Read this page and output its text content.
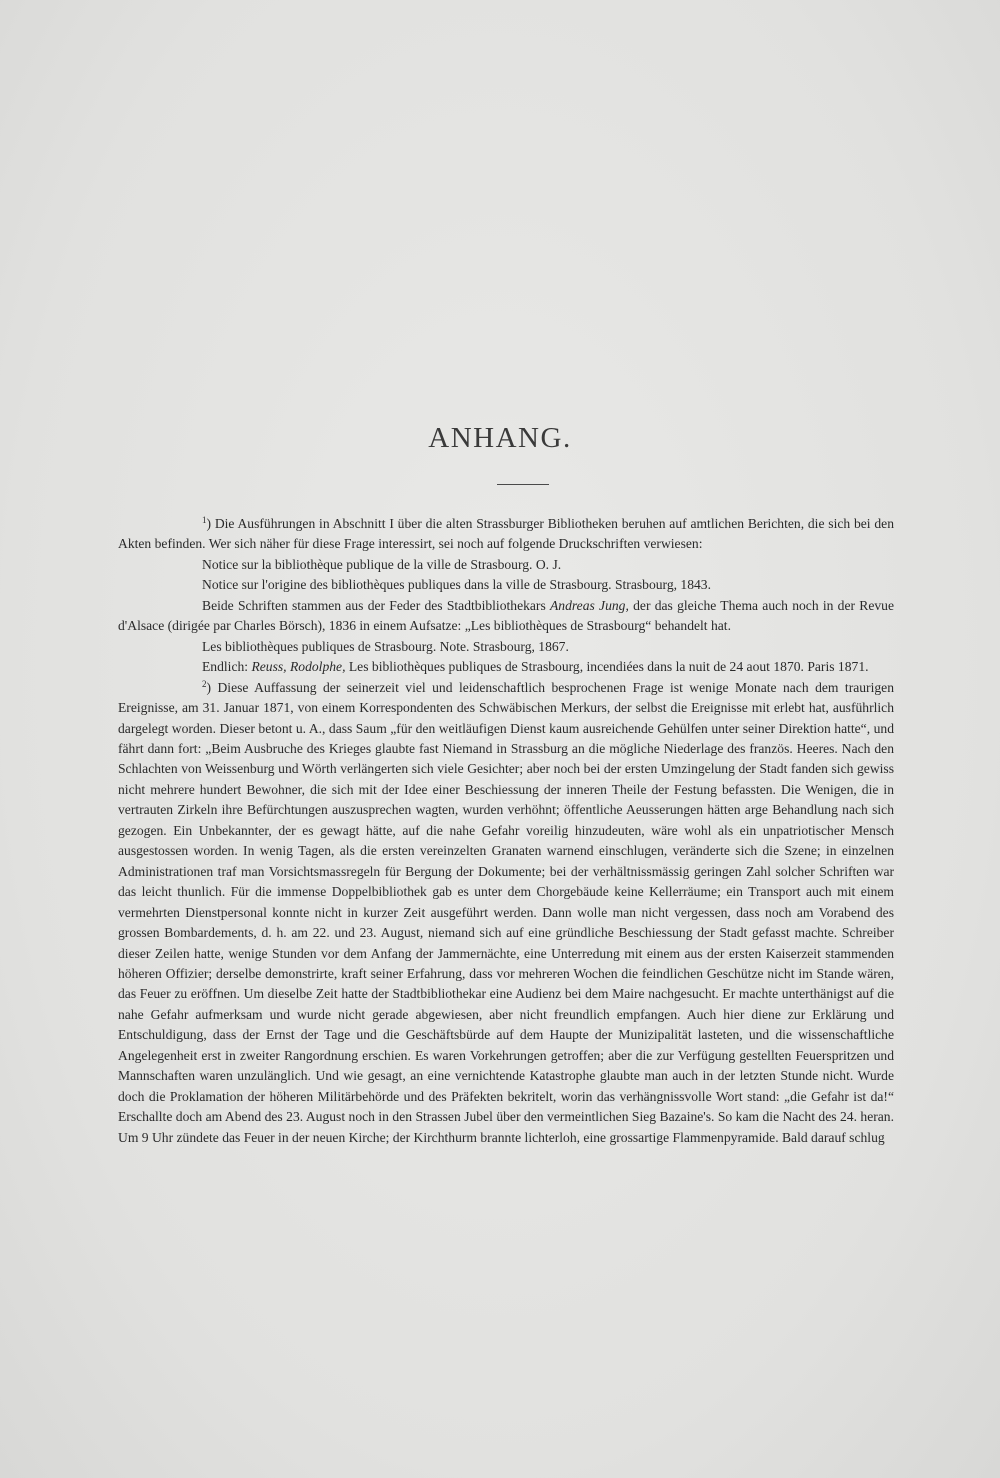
ANHANG.

$^1$) Die Ausführungen in Abschnitt I über die alten Strassburger Bibliotheken beruhen auf amtlichen Berichten, die sich bei den Akten befinden. Wer sich näher für diese Frage interessirt, sei noch auf folgende Druckschriften verwiesen:

Notice sur la bibliothèque publique de la ville de Strasbourg. O. J.

Notice sur l'origine des bibliothèques publiques dans la ville de Strasbourg. Strasbourg, 1843.

Beide Schriften stammen aus der Feder des Stadtbibliothekars Andreas Jung, der das gleiche Thema auch noch in der Revue d'Alsace (dirigée par Charles Börsch), 1836 in einem Aufsatze: „Les bibliothèques de Strasbourg“ behandelt hat.

Les bibliothèques publiques de Strasbourg. Note. Strasbourg, 1867.

Endlich: Reuss, Rodolphe, Les bibliothèques publiques de Strasbourg, incendiées dans la nuit de 24 aout 1870. Paris 1871.

$^2$) Diese Auffassung der seinerzeit viel und leidenschaftlich besprochenen Frage ist wenige Monate nach dem traurigen Ereignisse, am 31. Januar 1871, von einem Korrespondenten des Schwäbischen Merkurs, der selbst die Ereignisse mit erlebt hat, ausführlich dargelegt worden. Dieser betont u. A., dass Saum „für den weitläufigen Dienst kaum ausreichende Gehülfen unter seiner Direktion hatte“, und fährt dann fort: „Beim Ausbruche des Krieges glaubte fast Niemand in Strassburg an die mögliche Niederlage des französ. Heeres. Nach den Schlachten von Weissenburg und Wörth verlängerten sich viele Gesichter; aber noch bei der ersten Umzingelung der Stadt fanden sich gewiss nicht mehrere hundert Bewohner, die sich mit der Idee einer Beschiessung der inneren Theile der Festung befassten. Die Wenigen, die in vertrauten Zirkeln ihre Befürchtungen auszusprechen wagten, wurden verhöhnt; öffentliche Aeusserungen hätten arge Behandlung nach sich gezogen. Ein Unbekannter, der es gewagt hätte, auf die nahe Gefahr voreilig hinzudeuten, wäre wohl als ein unpatriotischer Mensch ausgestossen worden. In wenig Tagen, als die ersten vereinzelten Granaten warnend einschlugen, veränderte sich die Szene; in einzelnen Administrationen traf man Vorsichtsmassregeln für Bergung der Dokumente; bei der verhältnissmässig geringen Zahl solcher Schriften war das leicht thunlich. Für die immense Doppelbibliothek gab es unter dem Chorgebäude keine Kellerräume; ein Transport auch mit einem vermehrten Dienstpersonal konnte nicht in kurzer Zeit ausgeführt werden. Dann wolle man nicht vergessen, dass noch am Vorabend des grossen Bombardements, d. h. am 22. und 23. August, niemand sich auf eine gründliche Beschiessung der Stadt gefasst machte. Schreiber dieser Zeilen hatte, wenige Stunden vor dem Anfang der Jammernächte, eine Unterredung mit einem aus der ersten Kaiserzeit stammenden höheren Offizier; derselbe demonstrirte, kraft seiner Erfahrung, dass vor mehreren Wochen die feindlichen Geschütze nicht im Stande wären, das Feuer zu eröffnen. Um dieselbe Zeit hatte der Stadtbibliothekar eine Audienz bei dem Maire nachgesucht. Er machte unterthänigst auf die nahe Gefahr aufmerksam und wurde nicht gerade abgewiesen, aber nicht freundlich empfangen. Auch hier diene zur Erklärung und Entschuldigung, dass der Ernst der Tage und die Geschäftsbürde auf dem Haupte der Munizipalität lasteten, und die wissenschaftliche Angelegenheit erst in zweiter Rangordnung erschien. Es waren Vorkehrungen getroffen; aber die zur Verfügung gestellten Feuerspritzen und Mannschaften waren unzulänglich. Und wie gesagt, an eine vernichtende Katastrophe glaubte man auch in der letzten Stunde nicht. Wurde doch die Proklamation der höheren Militärbehörde und des Präfekten bekritelt, worin das verhängnissvolle Wort stand: „die Gefahr ist da!“ Erschallte doch am Abend des 23. August noch in den Strassen Jubel über den vermeintlichen Sieg Bazaine's. So kam die Nacht des 24. heran. Um 9 Uhr zündete das Feuer in der neuen Kirche; der Kirchthurm brannte lichterloh, eine grossartige Flammenpyramide. Bald darauf schlug
